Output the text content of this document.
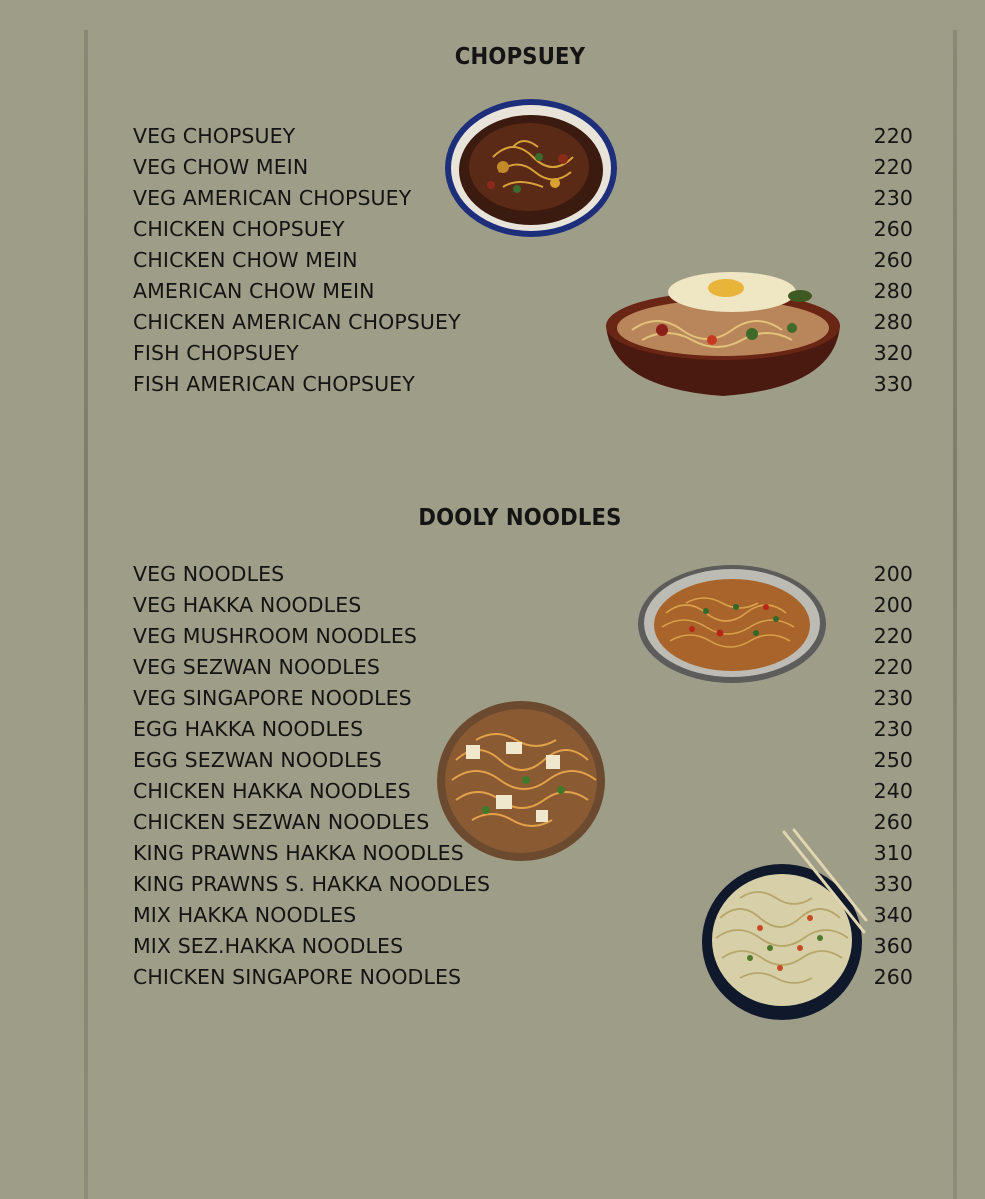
CHOPSUEY
VEG CHOPSUEY	220
VEG CHOW MEIN	220
VEG AMERICAN CHOPSUEY	230
CHICKEN CHOPSUEY	260
CHICKEN CHOW MEIN	260
AMERICAN CHOW MEIN	280
CHICKEN AMERICAN CHOPSUEY	280
FISH CHOPSUEY	320
FISH AMERICAN CHOPSUEY	330
DOOLY NOODLES
VEG NOODLES	200
VEG HAKKA NOODLES	200
VEG MUSHROOM NOODLES	220
VEG SEZWAN NOODLES	220
VEG SINGAPORE NOODLES	230
EGG HAKKA NOODLES	230
EGG SEZWAN NOODLES	250
CHICKEN HAKKA NOODLES	240
CHICKEN SEZWAN NOODLES	260
KING PRAWNS HAKKA NOODLES	310
KING PRAWNS S. HAKKA NOODLES	330
MIX HAKKA NOODLES	340
MIX SEZ.HAKKA NOODLES	360
CHICKEN SINGAPORE NOODLES	260
